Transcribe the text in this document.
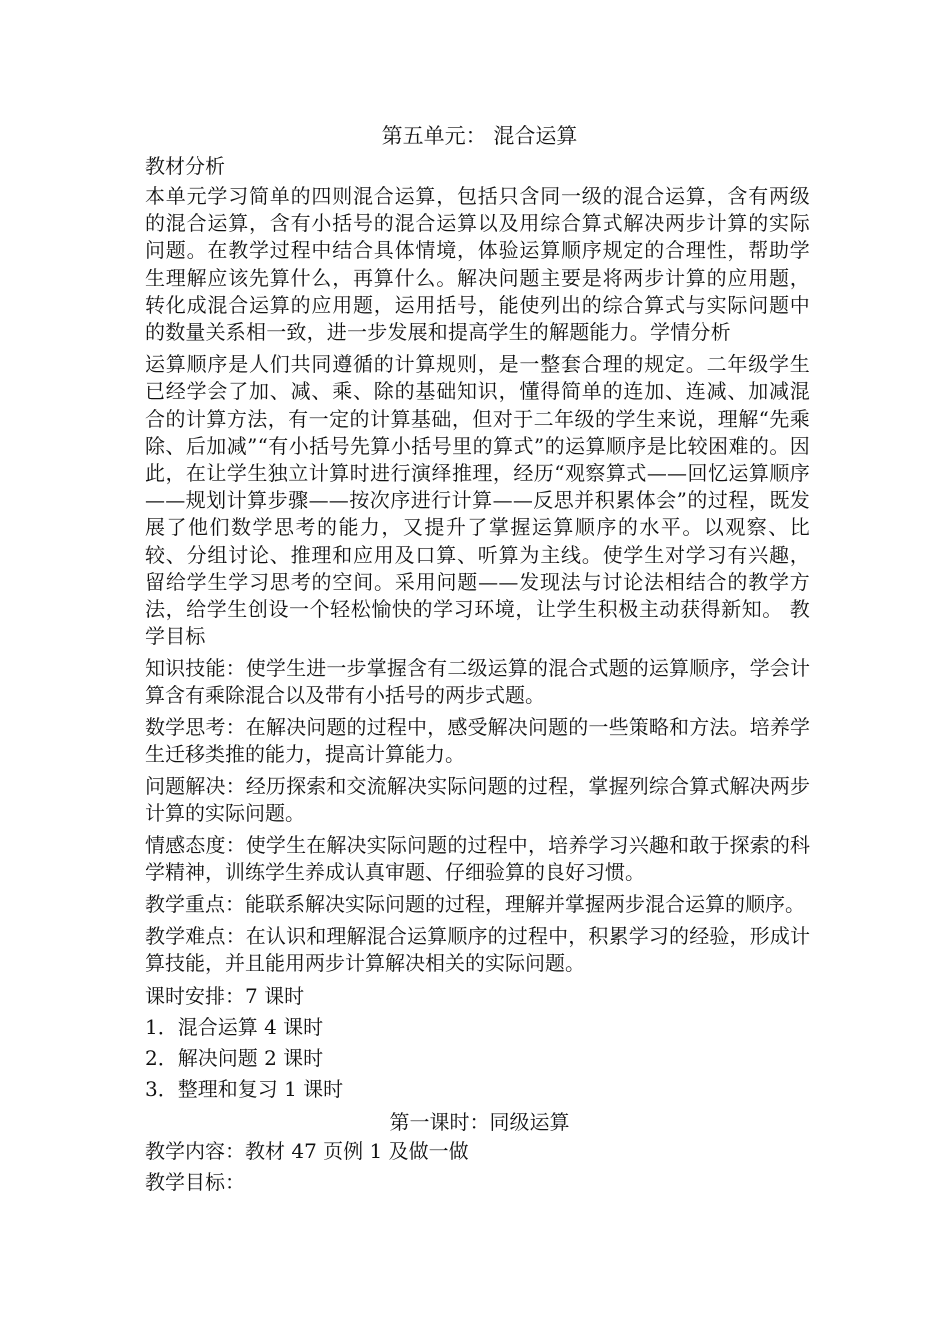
第五单元： 混合运算

教材分析

本单元学习简单的四则混合运算，包括只含同一级的混合运算，含有两级的混合运算，含有小括号的混合运算以及用综合算式解决两步计算的实际问题。在教学过程中结合具体情境，体验运算顺序规定的合理性，帮助学生理解应该先算什么，再算什么。解决问题主要是将两步计算的应用题，转化成混合运算的应用题，运用括号，能使列出的综合算式与实际问题中的数量关系相一致，进一步发展和提高学生的解题能力。学情分析

运算顺序是人们共同遵循的计算规则，是一整套合理的规定。二年级学生已经学会了加、减、乘、除的基础知识，懂得简单的连加、连减、加减混合的计算方法，有一定的计算基础，但对于二年级的学生来说，理解“先乘除、后加减”“有小括号先算小括号里的算式”的运算顺序是比较困难的。因此，在让学生独立计算时进行演绎推理，经历“观察算式——回忆运算顺序——规划计算步骤——按次序进行计算——反思并积累体会”的过程，既发展了他们数学思考的能力，又提升了掌握运算顺序的水平。以观察、比较、分组讨论、推理和应用及口算、听算为主线。使学生对学习有兴趣，留给学生学习思考的空间。采用问题——发现法与讨论法相结合的教学方法，给学生创设一个轻松愉快的学习环境，让学生积极主动获得新知。 教学目标

知识技能：使学生进一步掌握含有二级运算的混合式题的运算顺序，学会计算含有乘除混合以及带有小括号的两步式题。

数学思考：在解决问题的过程中，感受解决问题的一些策略和方法。培养学生迁移类推的能力，提高计算能力。

问题解决：经历探索和交流解决实际问题的过程，掌握列综合算式解决两步计算的实际问题。

情感态度：使学生在解决实际问题的过程中，培养学习兴趣和敢于探索的科学精神，训练学生养成认真审题、仔细验算的良好习惯。

教学重点：能联系解决实际问题的过程，理解并掌握两步混合运算的顺序。

教学难点：在认识和理解混合运算顺序的过程中，积累学习的经验，形成计算技能，并且能用两步计算解决相关的实际问题。

课时安排：7 课时

1．混合运算 4 课时

2．解决问题 2 课时

3．整理和复习 1 课时

第一课时：同级运算

教学内容：教材 47 页例 1 及做一做

教学目标：
